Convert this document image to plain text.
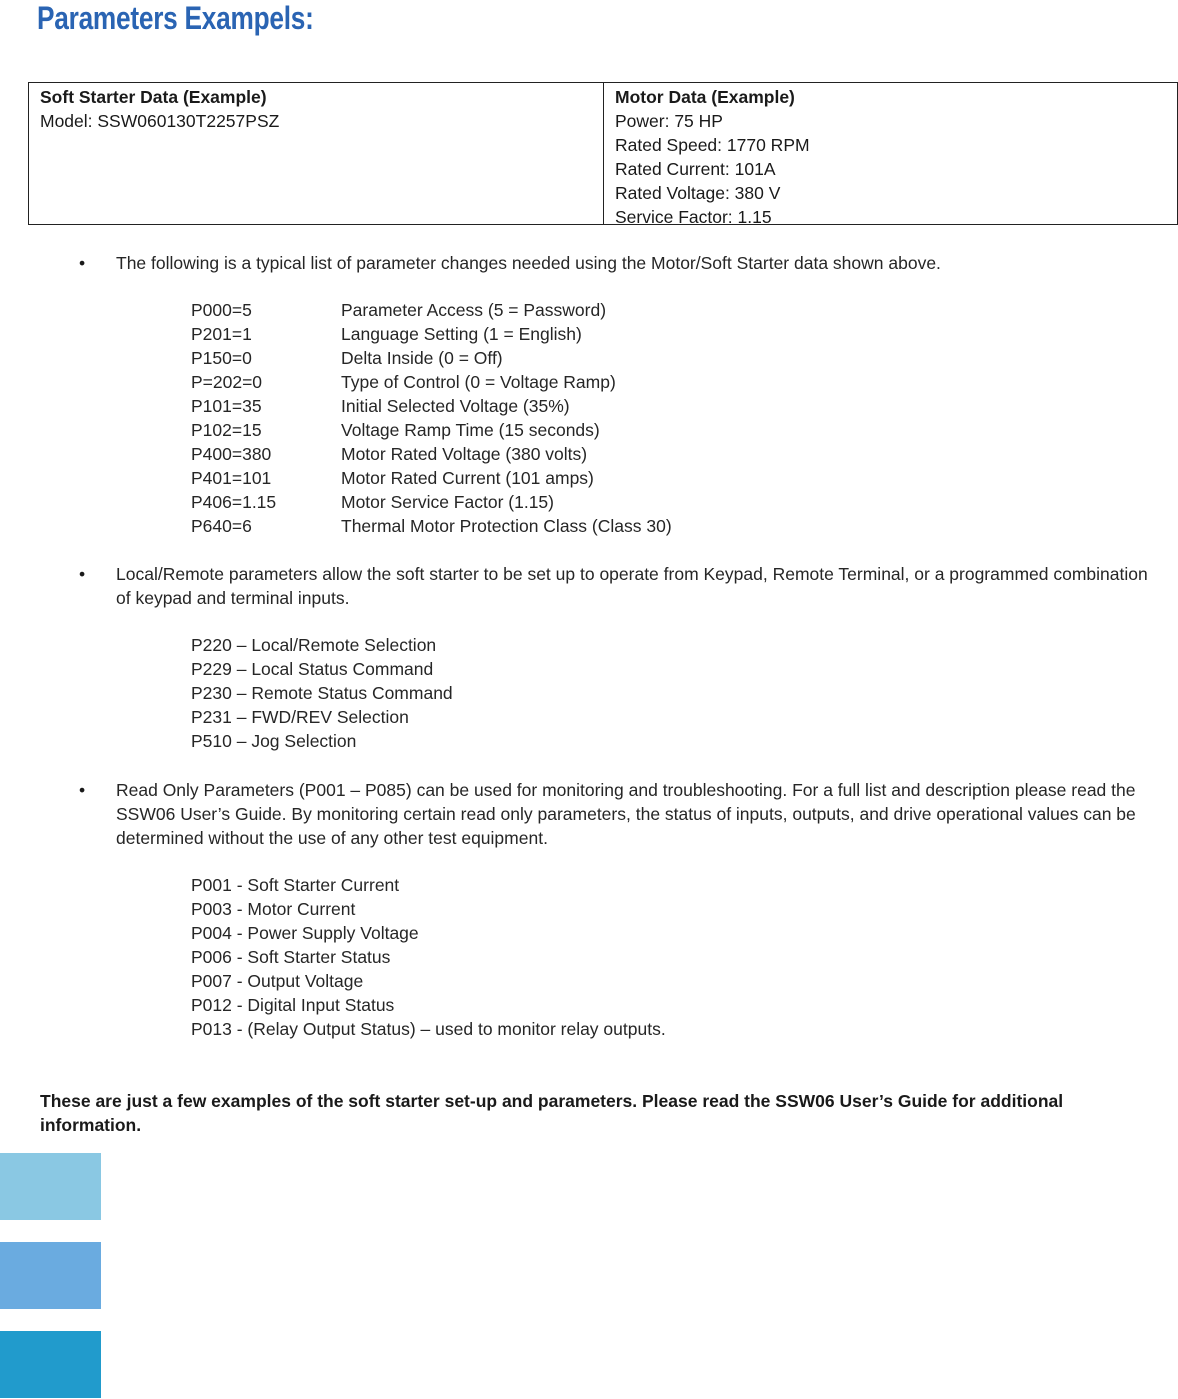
Parameters Exampels:
Soft Starter Data (Example)
Model: SSW060130T2257PSZ
Motor Data (Example)
Power: 75 HP
Rated Speed: 1770 RPM
Rated Current: 101A
Rated Voltage: 380 V
Service Factor: 1.15
• The following is a typical list of parameter changes needed using the Motor/Soft Starter data shown above.
P000=5	Parameter Access (5 = Password)
P201=1	Language Setting (1 = English)
P150=0	Delta Inside (0 = Off)
P=202=0	Type of Control (0 = Voltage Ramp)
P101=35	Initial Selected Voltage (35%)
P102=15	Voltage Ramp Time (15 seconds)
P400=380	Motor Rated Voltage (380 volts)
P401=101	Motor Rated Current (101 amps)
P406=1.15	Motor Service Factor (1.15)
P640=6	Thermal Motor Protection Class (Class 30)
• Local/Remote parameters allow the soft starter to be set up to operate from Keypad, Remote Terminal, or a programmed combination of keypad and terminal inputs.
P220 – Local/Remote Selection
P229 – Local Status Command
P230 – Remote Status Command
P231 – FWD/REV Selection
P510 – Jog Selection
• Read Only Parameters (P001 – P085) can be used for monitoring and troubleshooting. For a full list and description please read the SSW06 User’s Guide. By monitoring certain read only parameters, the status of inputs, outputs, and drive operational values can be determined without the use of any other test equipment.
P001 - Soft Starter Current
P003 - Motor Current
P004 - Power Supply Voltage
P006 - Soft Starter Status
P007 - Output Voltage
P012 - Digital Input Status
P013 - (Relay Output Status) – used to monitor relay outputs.
These are just a few examples of the soft starter set-up and parameters. Please read the SSW06 User’s Guide for additional information.
